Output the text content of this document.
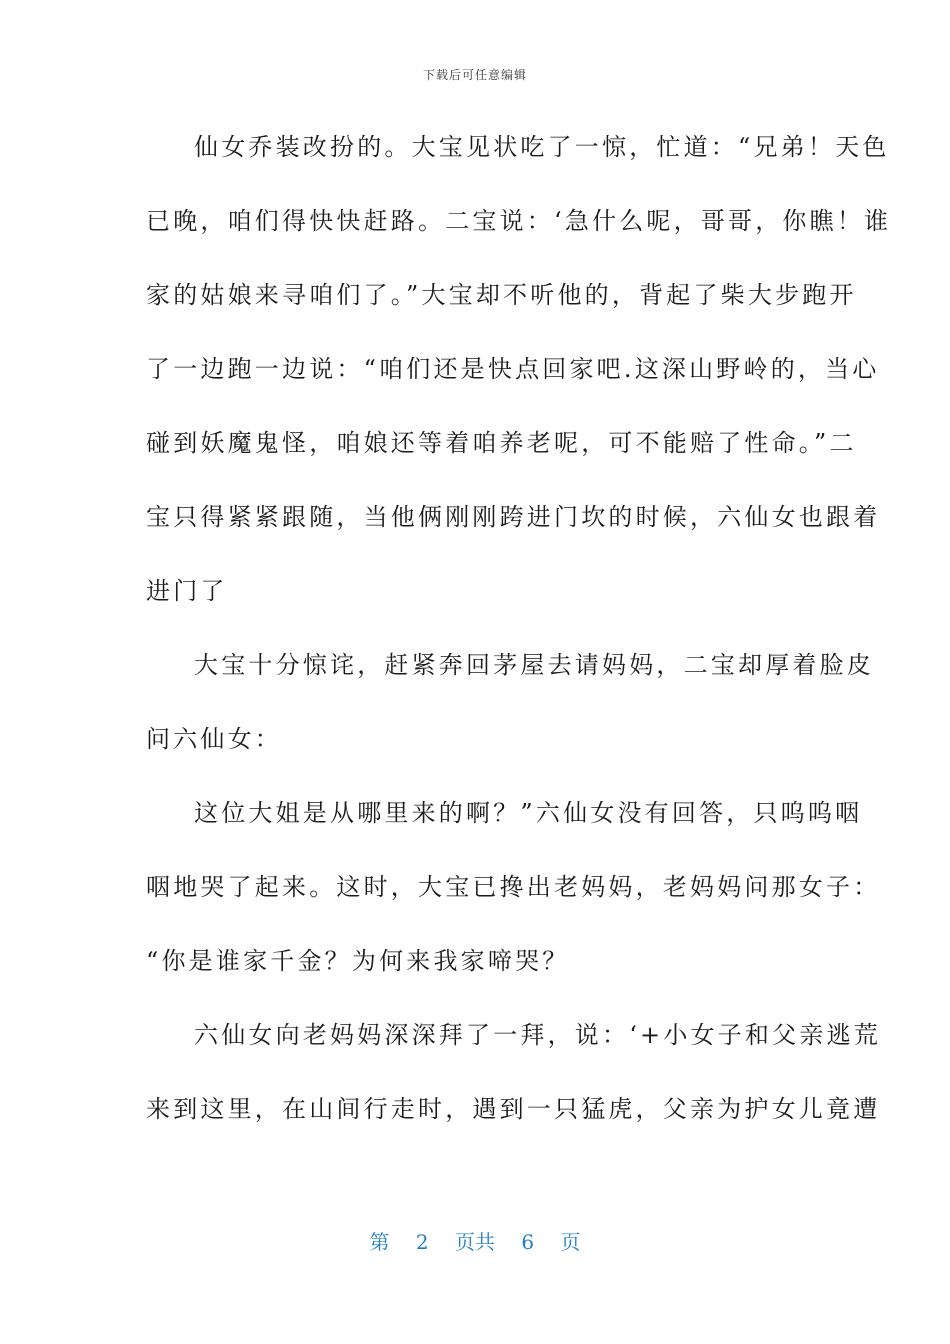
下载后可任意编辑
仙女乔装改扮的。大宝见状吃了一惊，忙道：“兄弟！天色
已晚，咱们得快快赶路。二宝说：‘急什么呢，哥哥，你瞧！谁
家的姑娘来寻咱们了。”大宝却不听他的，背起了柴大步跑开
了一边跑一边说：“咱们还是快点回家吧.这深山野岭的，当心
碰到妖魔鬼怪，咱娘还等着咱养老呢，可不能赔了性命。”二
宝只得紧紧跟随，当他俩刚刚跨进门坎的时候，六仙女也跟着
进门了
大宝十分惊诧，赶紧奔回茅屋去请妈妈，二宝却厚着脸皮
问六仙女：
这位大姐是从哪里来的啊？”六仙女没有回答，只呜呜咽
咽地哭了起来。这时，大宝已搀出老妈妈，老妈妈问那女子：
“你是谁家千金？为何来我家啼哭？
六仙女向老妈妈深深拜了一拜，说：‘+小女子和父亲逃荒
来到这里，在山间行走时，遇到一只猛虎，父亲为护女儿竟遭
第 2 页共 6 页
